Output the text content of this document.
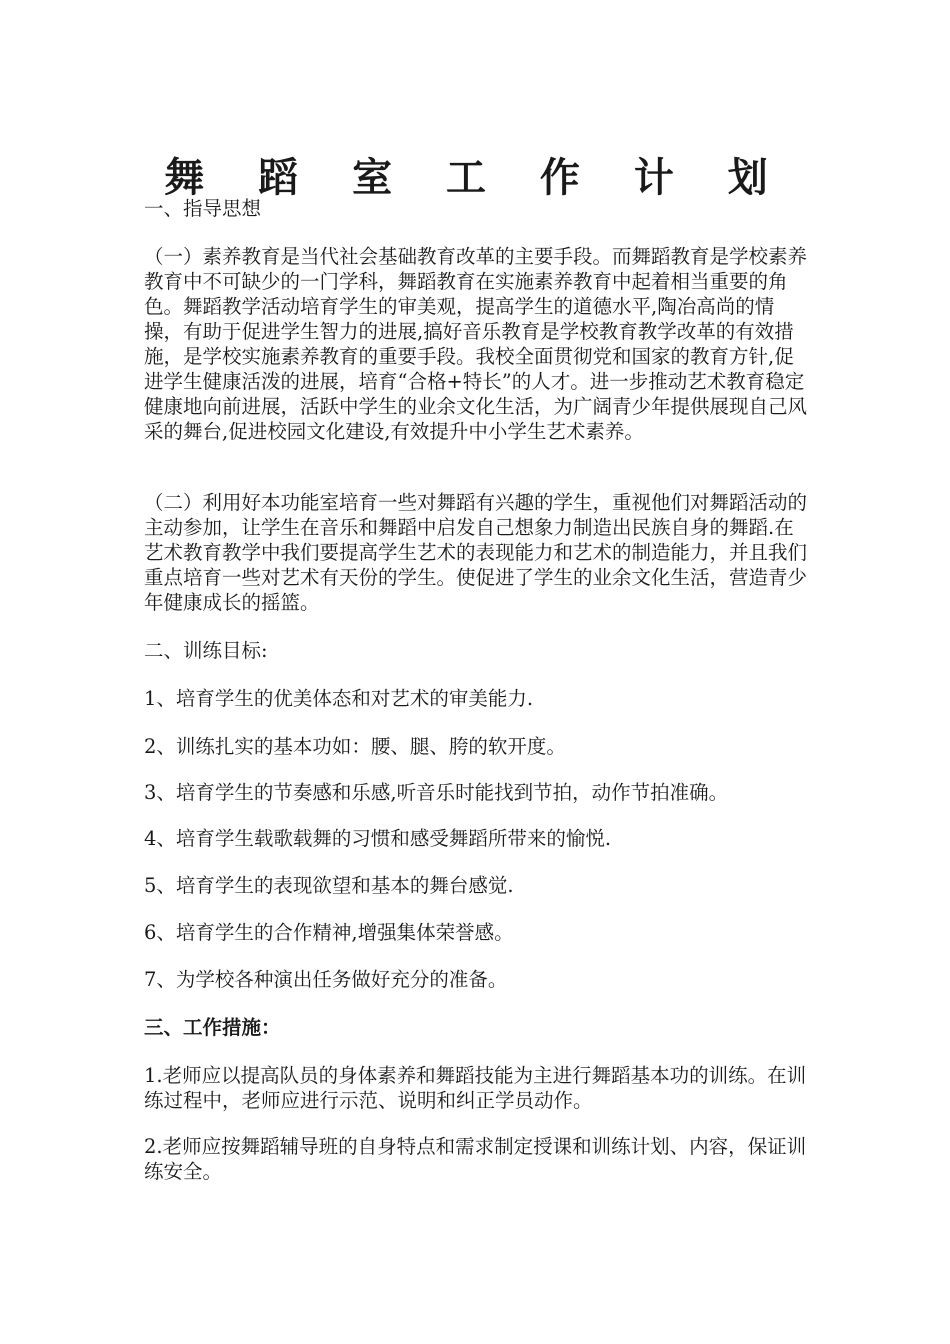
舞 蹈 室 工 作 计 划

一、指导思想

（一）素养教育是当代社会基础教育改革的主要手段。而舞蹈教育是学校素养教育中不可缺少的一门学科，舞蹈教育在实施素养教育中起着相当重要的角色。舞蹈教学活动培育学生的审美观，提高学生的道德水平,陶冶高尚的情操，有助于促进学生智力的进展,搞好音乐教育是学校教育教学改革的有效措施，是学校实施素养教育的重要手段。我校全面贯彻党和国家的教育方针,促进学生健康活泼的进展，培育“合格+特长”的人才。进一步推动艺术教育稳定健康地向前进展，活跃中学生的业余文化生活，为广阔青少年提供展现自己风采的舞台,促进校园文化建设,有效提升中小学生艺术素养。

（二）利用好本功能室培育一些对舞蹈有兴趣的学生，重视他们对舞蹈活动的主动参加，让学生在音乐和舞蹈中启发自己想象力制造出民族自身的舞蹈.在艺术教育教学中我们要提高学生艺术的表现能力和艺术的制造能力，并且我们重点培育一些对艺术有天份的学生。使促进了学生的业余文化生活，营造青少年健康成长的摇篮。

二、训练目标:

1、培育学生的优美体态和对艺术的审美能力.

2、训练扎实的基本功如：腰、腿、胯的软开度。

3、培育学生的节奏感和乐感,听音乐时能找到节拍，动作节拍准确。

4、培育学生载歌载舞的习惯和感受舞蹈所带来的愉悦.

5、培育学生的表现欲望和基本的舞台感觉.

6、培育学生的合作精神,增强集体荣誉感。

7、为学校各种演出任务做好充分的准备。

三、工作措施：

1.老师应以提高队员的身体素养和舞蹈技能为主进行舞蹈基本功的训练。在训练过程中，老师应进行示范、说明和纠正学员动作。

2.老师应按舞蹈辅导班的自身特点和需求制定授课和训练计划、内容，保证训练安全。
